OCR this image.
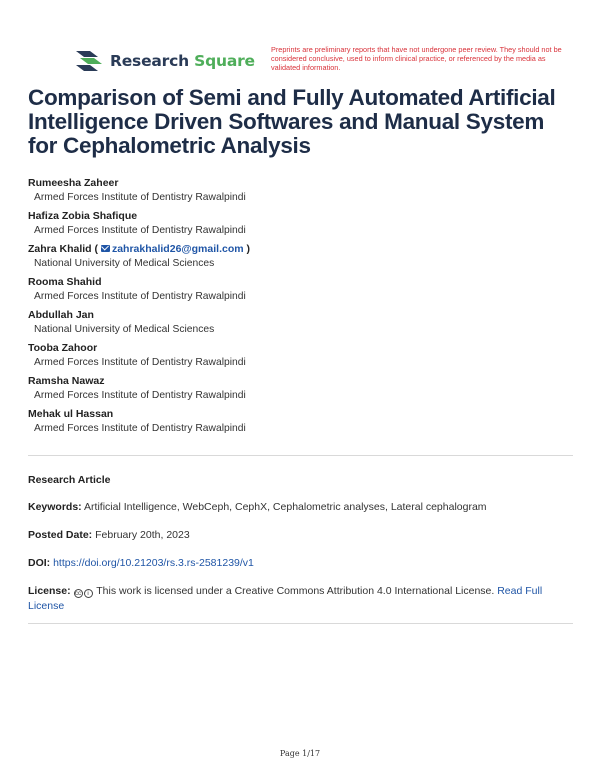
Research Square
Preprints are preliminary reports that have not undergone peer review. They should not be considered conclusive, used to inform clinical practice, or referenced by the media as validated information.
Comparison of Semi and Fully Automated Artificial Intelligence Driven Softwares and Manual System for Cephalometric Analysis
Rumeesha Zaheer
Armed Forces Institute of Dentistry Rawalpindi
Hafiza Zobia Shafique
Armed Forces Institute of Dentistry Rawalpindi
Zahra Khalid ( zahrakhalid26@gmail.com )
National University of Medical Sciences
Rooma Shahid
Armed Forces Institute of Dentistry Rawalpindi
Abdullah Jan
National University of Medical Sciences
Tooba Zahoor
Armed Forces Institute of Dentistry Rawalpindi
Ramsha Nawaz
Armed Forces Institute of Dentistry Rawalpindi
Mehak ul Hassan
Armed Forces Institute of Dentistry Rawalpindi
Research Article
Keywords: Artificial Intelligence, WebCeph, CephX, Cephalometric analyses, Lateral cephalogram
Posted Date: February 20th, 2023
DOI: https://doi.org/10.21203/rs.3.rs-2581239/v1
License: cc i This work is licensed under a Creative Commons Attribution 4.0 International License. Read Full License
Page 1/17
